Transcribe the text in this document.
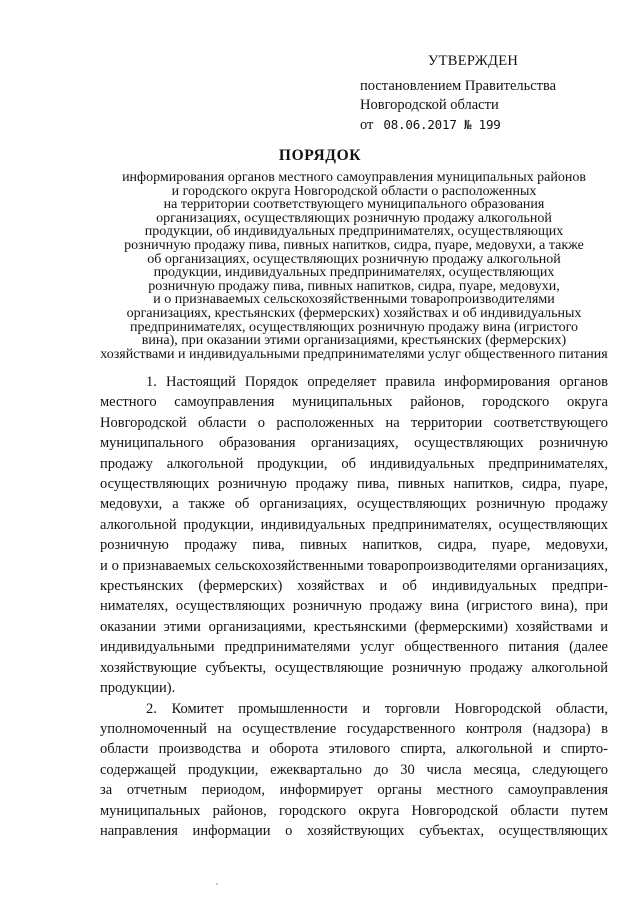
УТВЕРЖДЕН
постановлением Правительства
Новгородской области
от 08.06.2017 № 199
ПОРЯДОК
информирования органов местного самоуправления муниципальных районов
и городского округа Новгородской области о расположенных
на территории соответствующего муниципального образования
организациях, осуществляющих розничную продажу алкогольной
продукции, об индивидуальных предпринимателях, осуществляющих
розничную продажу пива, пивных напитков, сидра, пуаре, медовухи, а также
об организациях, осуществляющих розничную продажу алкогольной
продукции, индивидуальных предпринимателях, осуществляющих
розничную продажу пива, пивных напитков, сидра, пуаре, медовухи,
и о признаваемых сельскохозяйственными товаропроизводителями
организациях, крестьянских (фермерских) хозяйствах и об индивидуальных
предпринимателях, осуществляющих розничную продажу вина (игристого
вина), при оказании этими организациями, крестьянских (фермерских)
хозяйствами и индивидуальными предпринимателями услуг общественного питания
1. Настоящий Порядок определяет правила информирования органов
местного самоуправления муниципальных районов, городского округа
Новгородской области о расположенных на территории соответствующего
муниципального образования организациях, осуществляющих розничную
продажу алкогольной продукции, об индивидуальных предпринимателях,
осуществляющих розничную продажу пива, пивных напитков, сидра, пуаре,
медовухи, а также об организациях, осуществляющих розничную продажу
алкогольной продукции, индивидуальных предпринимателях, осуществляющих
розничную продажу пива, пивных напитков, сидра, пуаре, медовухи,
и о признаваемых сельскохозяйственными товаропроизводителями организациях,
крестьянских (фермерских) хозяйствах и об индивидуальных предпри-
нимателях, осуществляющих розничную продажу вина (игристого вина), при
оказании этими организациями, крестьянскими (фермерскими) хозяйствами и
индивидуальными предпринимателями услуг общественного питания (далее
хозяйствующие субъекты, осуществляющие розничную продажу алкогольной
продукции).
2. Комитет промышленности и торговли Новгородской области,
уполномоченный на осуществление государственного контроля (надзора) в
области производства и оборота этилового спирта, алкогольной и спирто-
содержащей продукции, ежеквартально до 30 числа месяца, следующего
за отчетным периодом, информирует органы местного самоуправления
муниципальных районов, городского округа Новгородской области путем
направления информации о хозяйствующих субъектах, осуществляющих
